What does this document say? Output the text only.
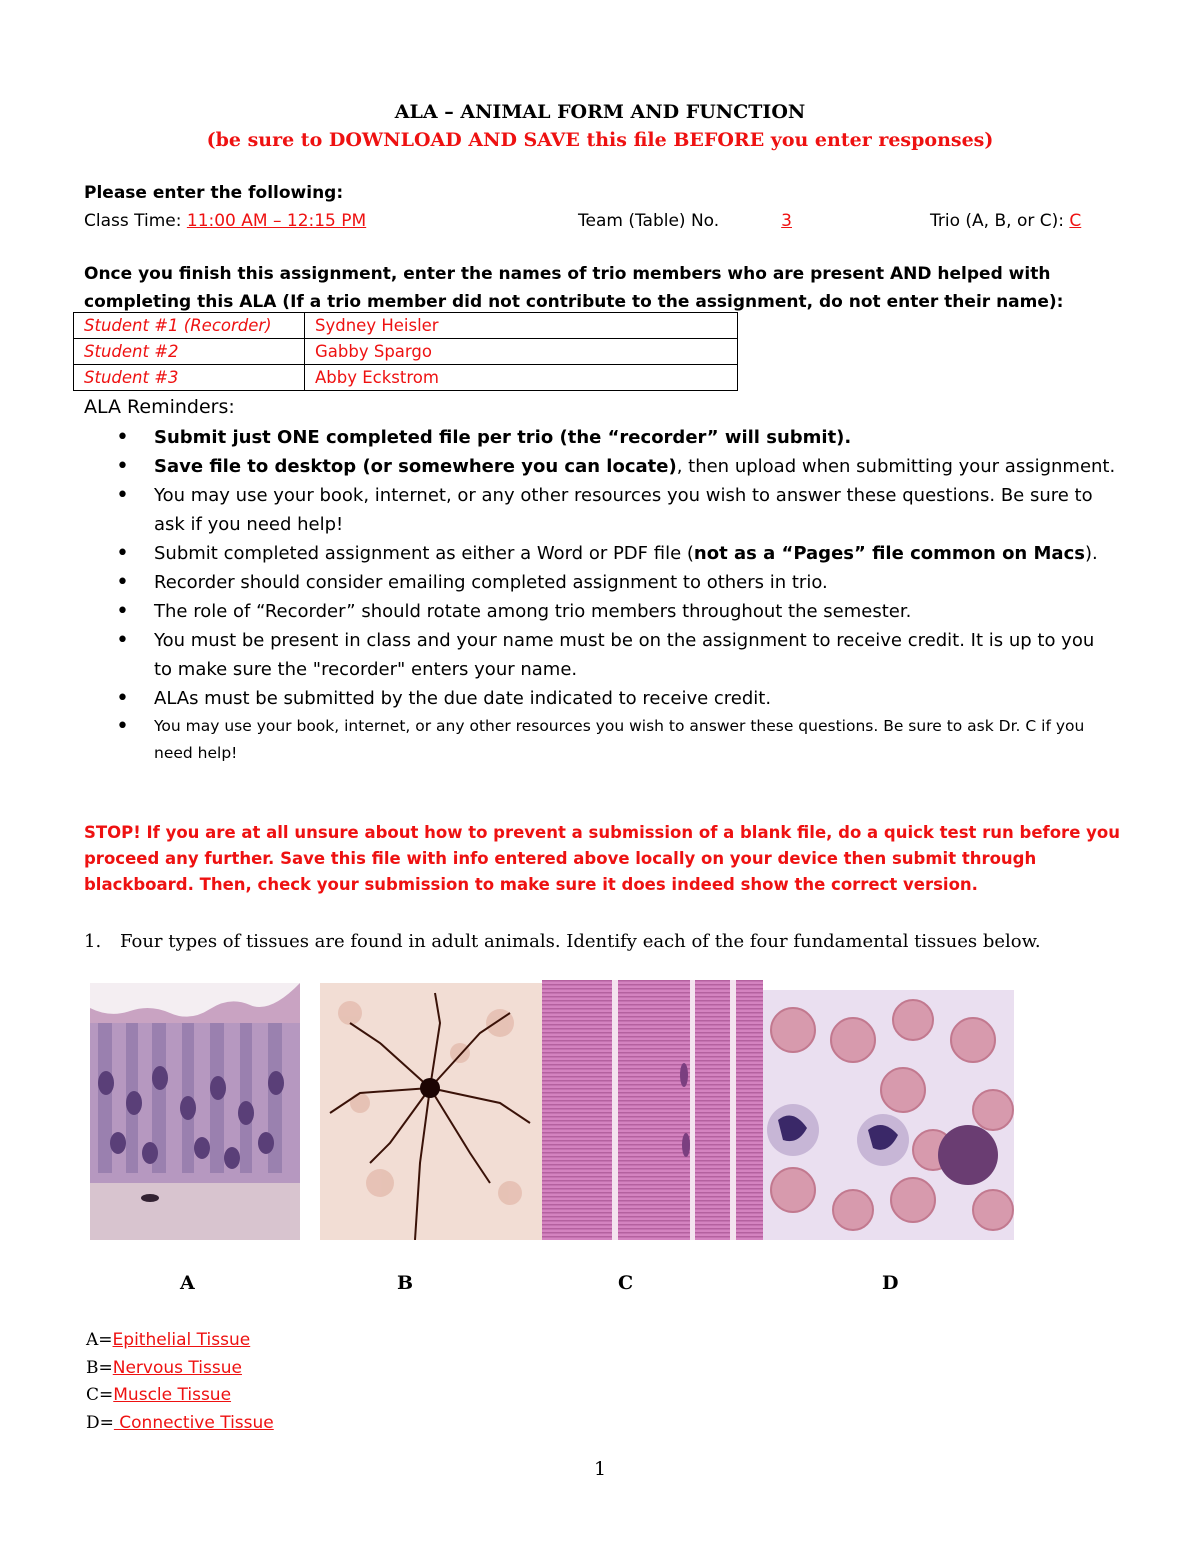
ALA – ANIMAL FORM AND FUNCTION
(be sure to DOWNLOAD AND SAVE this file BEFORE you enter responses)
Please enter the following:
Class Time: 11:00 AM – 12:15 PM	Team (Table) No.	3	Trio (A, B, or C): C
Once you finish this assignment, enter the names of trio members who are present AND helped with completing this ALA (If a trio member did not contribute to the assignment, do not enter their name):
Student #1 (Recorder)	Sydney Heisler
Student #2	Gabby Spargo
Student #3	Abby Eckstrom
ALA Reminders:
• Submit just ONE completed file per trio (the “recorder” will submit).
• Save file to desktop (or somewhere you can locate), then upload when submitting your assignment.
• You may use your book, internet, or any other resources you wish to answer these questions. Be sure to ask if you need help!
• Submit completed assignment as either a Word or PDF file (not as a “Pages” file common on Macs).
• Recorder should consider emailing completed assignment to others in trio.
• The role of “Recorder” should rotate among trio members throughout the semester.
• You must be present in class and your name must be on the assignment to receive credit. It is up to you to make sure the "recorder" enters your name.
• ALAs must be submitted by the due date indicated to receive credit.
• You may use your book, internet, or any other resources you wish to answer these questions. Be sure to ask Dr. C if you need help!
STOP! If you are at all unsure about how to prevent a submission of a blank file, do a quick test run before you proceed any further. Save this file with info entered above locally on your device then submit through blackboard. Then, check your submission to make sure it does indeed show the correct version.
1. Four types of tissues are found in adult animals. Identify each of the four fundamental tissues below.
A	B	C	D
A=Epithelial Tissue
B=Nervous Tissue
C=Muscle Tissue
D= Connective Tissue
1
